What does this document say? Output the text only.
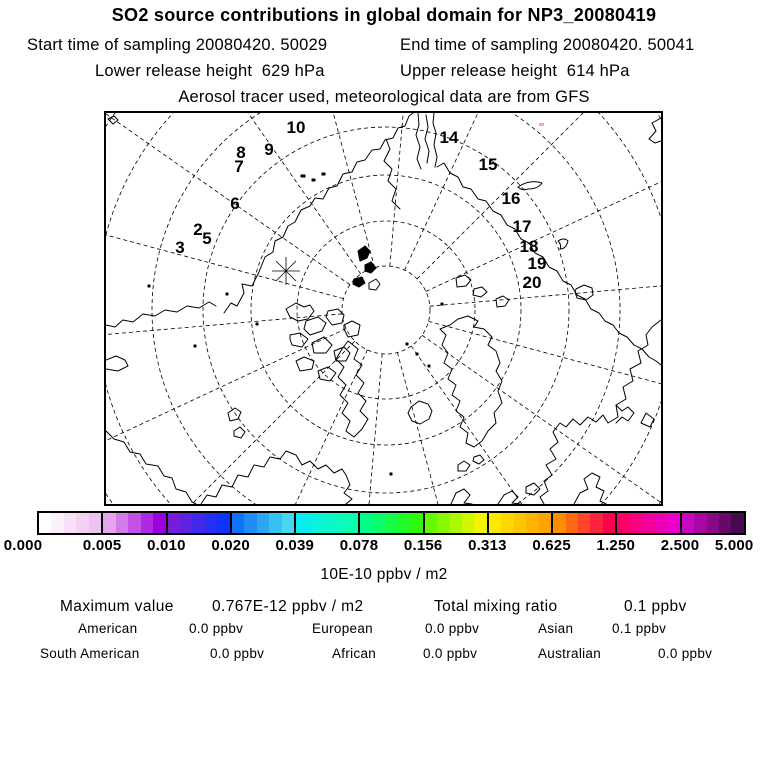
SO2 source contributions in global domain for NP3_20080419
Start time of sampling 20080420. 50029	End time of sampling 20080420. 50041
Lower release height  629 hPa	Upper release height  614 hPa
Aerosol tracer used, meteorological data are from GFS
2
3 5
6
7
8 9
10
14
15
16
17
18
19
20
0.000	0.005 0.010 0.020 0.039 0.078 0.156 0.313 0.625 1.250 2.500 5.000
10E-10 ppbv / m2
Maximum value 0.767E-12 ppbv / m2	Total mixing ratio	0.1 ppbv
American	0.0 ppbv	European	0.0 ppbv	Asian	0.1 ppbv
South American	0.0 ppbv	African	0.0 ppbv	Australian	0.0 ppbv
